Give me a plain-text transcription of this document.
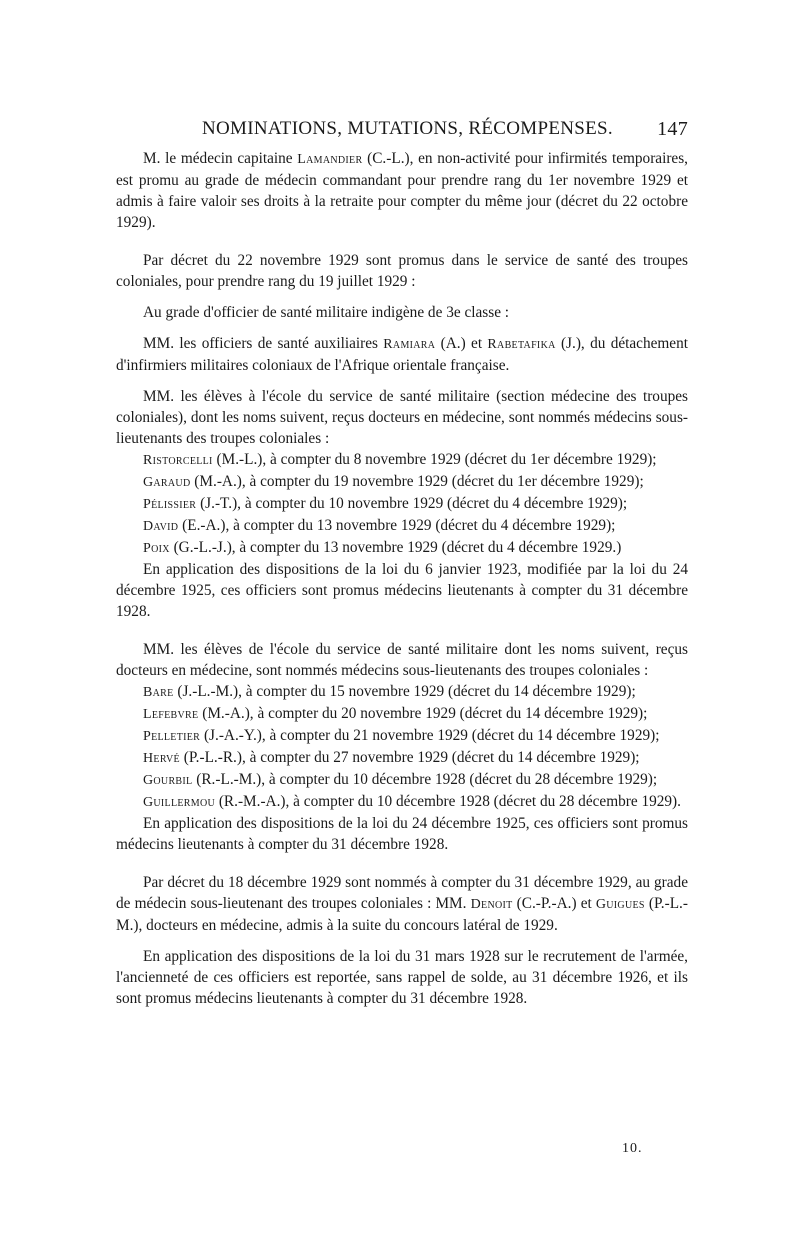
NOMINATIONS, MUTATIONS, RÉCOMPENSES. 147

M. le médecin capitaine Lamandier (C.-L.), en non-activité pour infirmités temporaires, est promu au grade de médecin commandant pour prendre rang du 1er novembre 1929 et admis à faire valoir ses droits à la retraite pour compter du même jour (décret du 22 octobre 1929).

Par décret du 22 novembre 1929 sont promus dans le service de santé des troupes coloniales, pour prendre rang du 19 juillet 1929 :

Au grade d'officier de santé militaire indigène de 3e classe :

MM. les officiers de santé auxiliaires Ramiara (A.) et Rabetafika (J.), du détachement d'infirmiers militaires coloniaux de l'Afrique orientale française.

MM. les élèves à l'école du service de santé militaire (section médecine des troupes coloniales), dont les noms suivent, reçus docteurs en médecine, sont nommés médecins sous-lieutenants des troupes coloniales :

Ristorcelli (M.-L.), à compter du 8 novembre 1929 (décret du 1er décembre 1929);

Garaud (M.-A.), à compter du 19 novembre 1929 (décret du 1er décembre 1929);

Pélissier (J.-T.), à compter du 10 novembre 1929 (décret du 4 décembre 1929);

David (E.-A.), à compter du 13 novembre 1929 (décret du 4 décembre 1929);

Poix (G.-L.-J.), à compter du 13 novembre 1929 (décret du 4 décembre 1929.)

En application des dispositions de la loi du 6 janvier 1923, modifiée par la loi du 24 décembre 1925, ces officiers sont promus médecins lieutenants à compter du 31 décembre 1928.

MM. les élèves de l'école du service de santé militaire dont les noms suivent, reçus docteurs en médecine, sont nommés médecins sous-lieutenants des troupes coloniales :

Bare (J.-L.-M.), à compter du 15 novembre 1929 (décret du 14 décembre 1929);

Lefebvre (M.-A.), à compter du 20 novembre 1929 (décret du 14 décembre 1929);

Pelletier (J.-A.-Y.), à compter du 21 novembre 1929 (décret du 14 décembre 1929);

Hervé (P.-L.-R.), à compter du 27 novembre 1929 (décret du 14 décembre 1929);

Gourbil (R.-L.-M.), à compter du 10 décembre 1928 (décret du 28 décembre 1929);

Guillermou (R.-M.-A.), à compter du 10 décembre 1928 (décret du 28 décembre 1929).

En application des dispositions de la loi du 24 décembre 1925, ces officiers sont promus médecins lieutenants à compter du 31 décembre 1928.

Par décret du 18 décembre 1929 sont nommés à compter du 31 décembre 1929, au grade de médecin sous-lieutenant des troupes coloniales : MM. Denoit (C.-P.-A.) et Guigues (P.-L.-M.), docteurs en médecine, admis à la suite du concours latéral de 1929.

En application des dispositions de la loi du 31 mars 1928 sur le recrutement de l'armée, l'ancienneté de ces officiers est reportée, sans rappel de solde, au 31 décembre 1926, et ils sont promus médecins lieutenants à compter du 31 décembre 1928.

10.
